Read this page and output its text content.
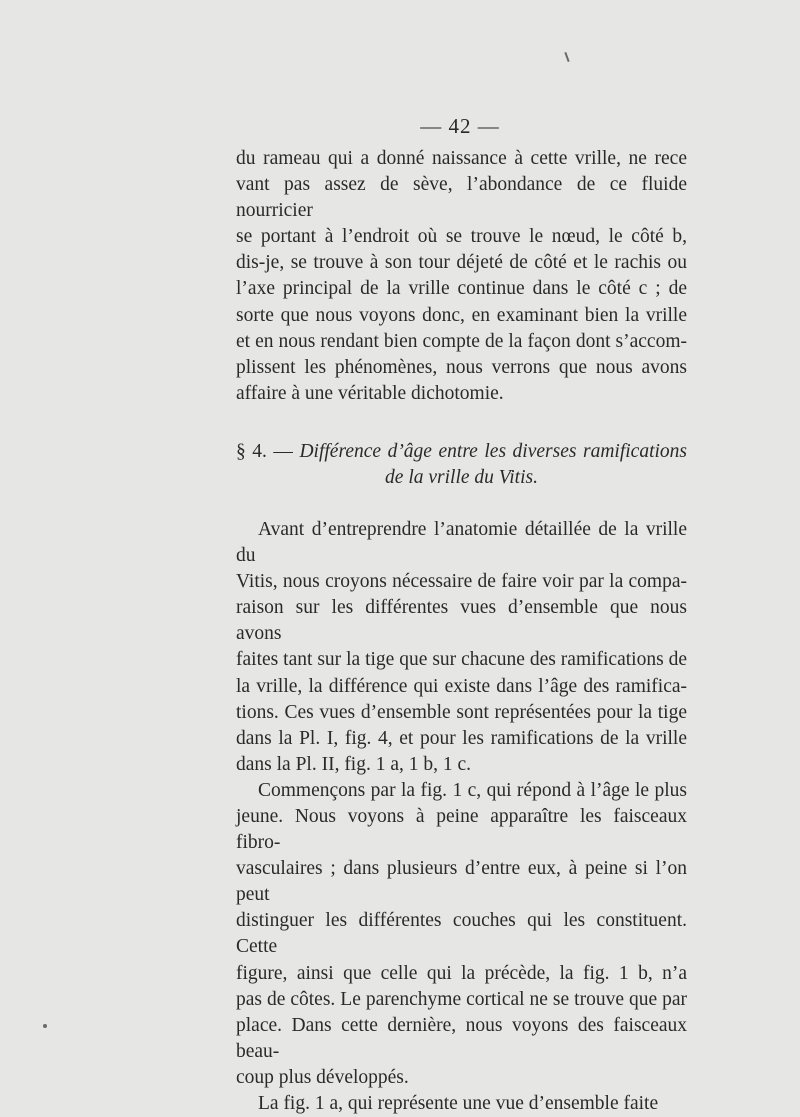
— 42 —

du rameau qui a donné naissance à cette vrille, ne rece

vant pas assez de sève, l’abondance de ce fluide nourricier

se portant à l’endroit où se trouve le nœud, le côté b,

dis-je, se trouve à son tour déjeté de côté et le rachis ou

l’axe principal de la vrille continue dans le côté c ; de

sorte que nous voyons donc, en examinant bien la vrille

et en nous rendant bien compte de la façon dont s’accom-

plissent les phénomènes, nous verrons que nous avons

affaire à une véritable dichotomie.

§ 4. — Différence d’âge entre les diverses ramifications
de la vrille du Vitis.

Avant d’entreprendre l’anatomie détaillée de la vrille du

Vitis, nous croyons nécessaire de faire voir par la compa-

raison sur les différentes vues d’ensemble que nous avons

faites tant sur la tige que sur chacune des ramifications de

la vrille, la différence qui existe dans l’âge des ramifica-

tions. Ces vues d’ensemble sont représentées pour la tige

dans la Pl. I, fig. 4, et pour les ramifications de la vrille

dans la Pl. II, fig. 1 a, 1 b, 1 c.

Commençons par la fig. 1 c, qui répond à l’âge le plus

jeune. Nous voyons à peine apparaître les faisceaux fibro-

vasculaires ; dans plusieurs d’entre eux, à peine si l’on peut

distinguer les différentes couches qui les constituent. Cette

figure, ainsi que celle qui la précède, la fig. 1 b, n’a

pas de côtes. Le parenchyme cortical ne se trouve que par

place. Dans cette dernière, nous voyons des faisceaux beau-

coup plus développés.

La fig. 1 a, qui représente une vue d’ensemble faite
